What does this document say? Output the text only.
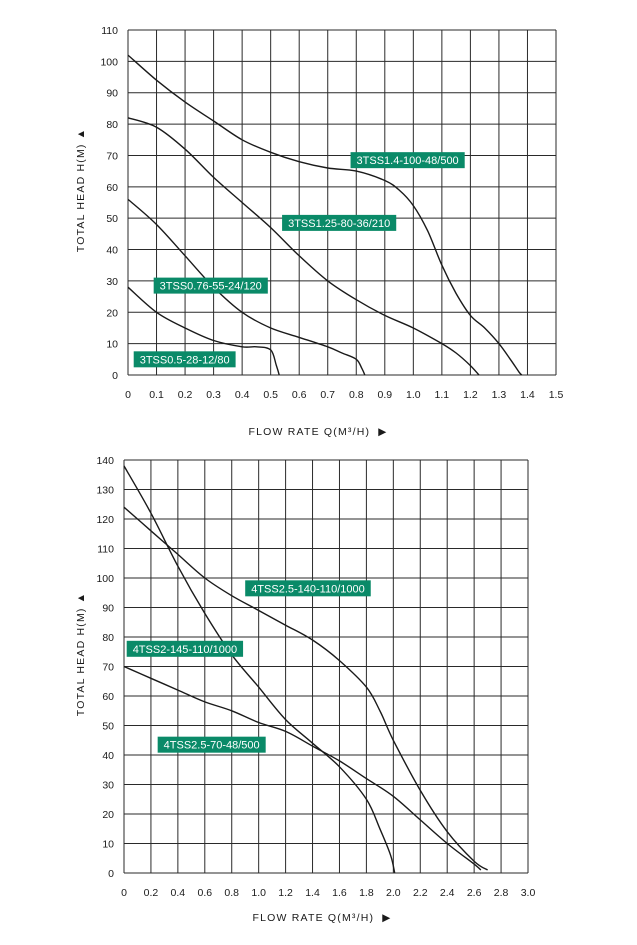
0
10
20
30
40
50
60
70
80
90
100
110
0 0.1 0.2 0.3 0.4 0.5 0.6 0.7 0.8 0.9 1.0 1.1 1.2 1.3 1.4 1.5
3TSS1.4-100-48/500
3TSS1.25-80-36/210
3TSS0.76-55-24/120
3TSS0.5-28-12/80
TOTAL HEAD H(M)▲
FLOW RATE Q(M³/H) ▶
0
10
20
30
40
50
60
70
80
90
100
110
120
130
140
0 0.2 0.4 0.6 0.8 1.0 1.2 1.4 1.6 1.8 2.0 2.2 2.4 2.6 2.8 3.0
4TSS2.5-140-110/1000
4TSS2-145-110/1000
4TSS2.5-70-48/500
TOTAL HEAD H(M)▲
FLOW RATE Q(M³/H) ▶
